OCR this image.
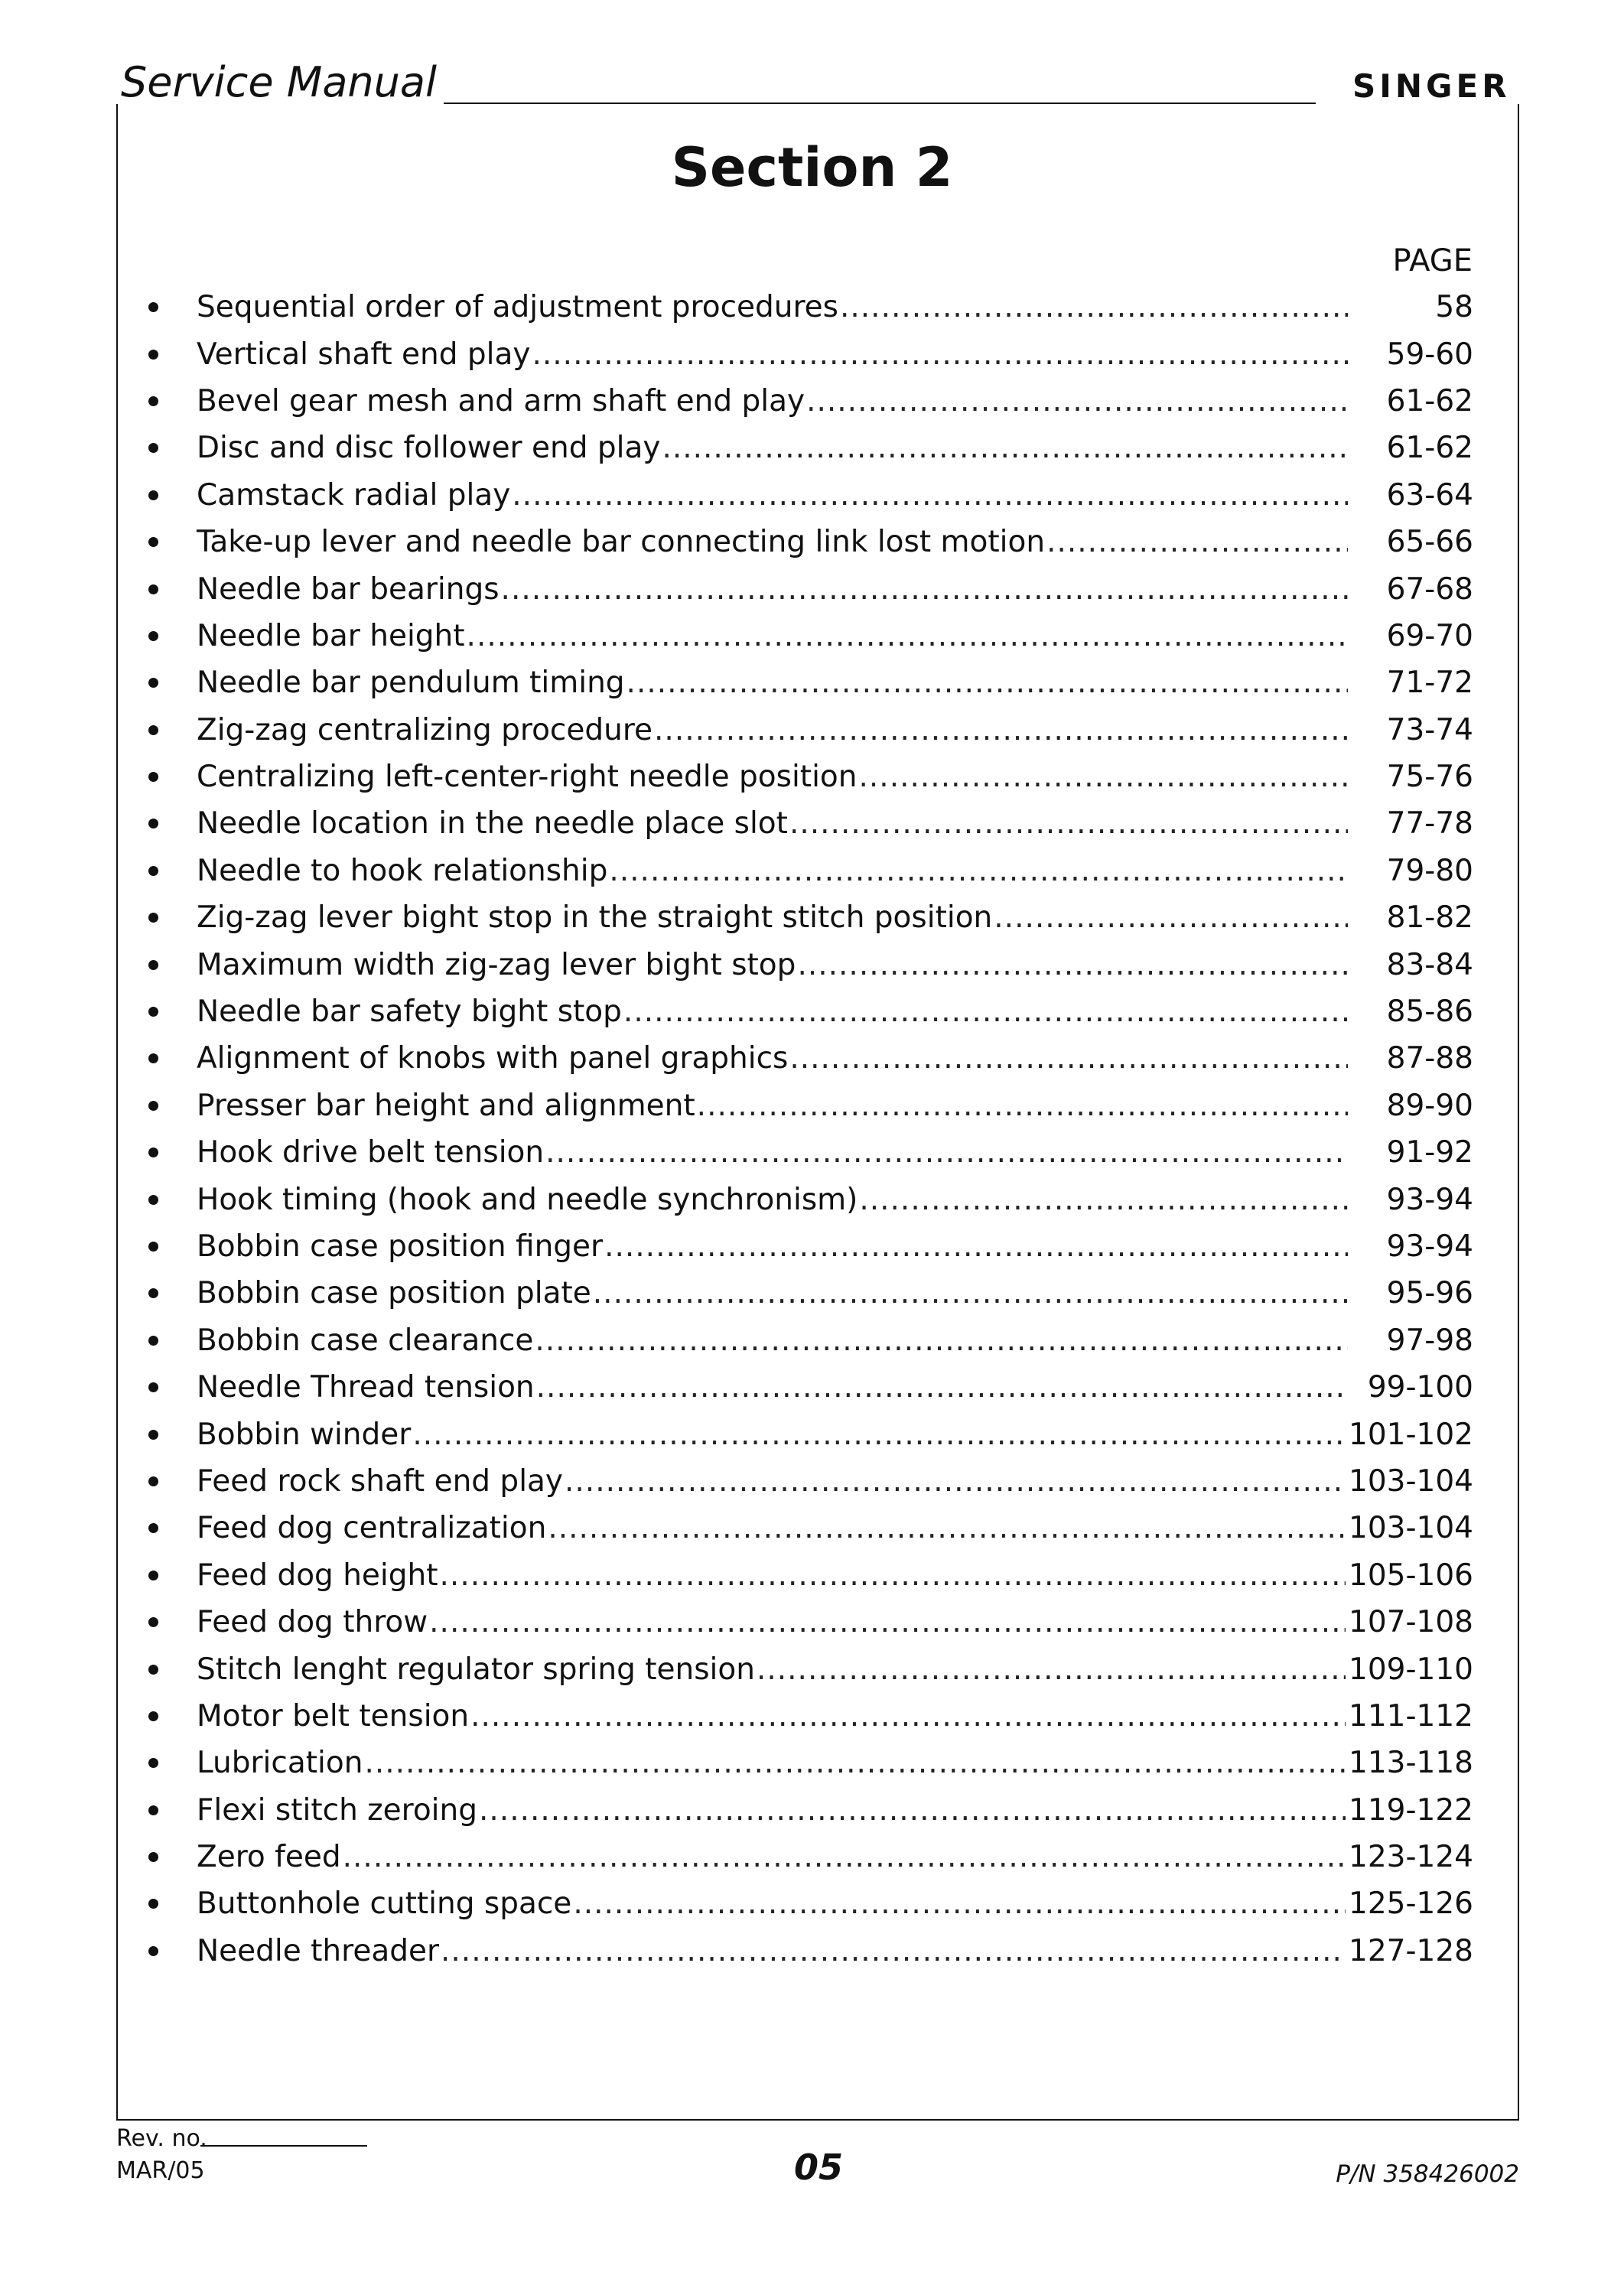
Service Manual	SINGER
Section 2
PAGE
Sequential order of adjustment procedures .....	58
Vertical shaft end play .....	59-60
Bevel gear mesh and arm shaft end play .....	61-62
Disc and disc follower end play .....	61-62
Camstack radial play .....	63-64
Take-up lever and needle bar connecting link lost motion .....	65-66
Needle bar bearings .....	67-68
Needle bar height .....	69-70
Needle bar pendulum timing .....	71-72
Zig-zag centralizing procedure .....	73-74
Centralizing left-center-right needle position .....	75-76
Needle location in the needle place slot .....	77-78
Needle to hook relationship .....	79-80
Zig-zag lever bight stop in the straight stitch position .....	81-82
Maximum width zig-zag lever bight stop .....	83-84
Needle bar safety bight stop .....	85-86
Alignment of knobs with panel graphics .....	87-88
Presser bar height and alignment .....	89-90
Hook drive belt tension .....	91-92
Hook timing (hook and needle synchronism) .....	93-94
Bobbin case position finger .....	93-94
Bobbin case position plate .....	95-96
Bobbin case clearance .....	97-98
Needle Thread tension .....	99-100
Bobbin winder .....	101-102
Feed rock shaft end play .....	103-104
Feed dog centralization .....	103-104
Feed dog height .....	105-106
Feed dog throw .....	107-108
Stitch lenght regulator spring tension .....	109-110
Motor belt tension .....	111-112
Lubrication .....	113-118
Flexi stitch zeroing .....	119-122
Zero feed .....	123-124
Buttonhole cutting space .....	125-126
Needle threader .....	127-128
Rev. no.
MAR/05	05	P/N 358426002
